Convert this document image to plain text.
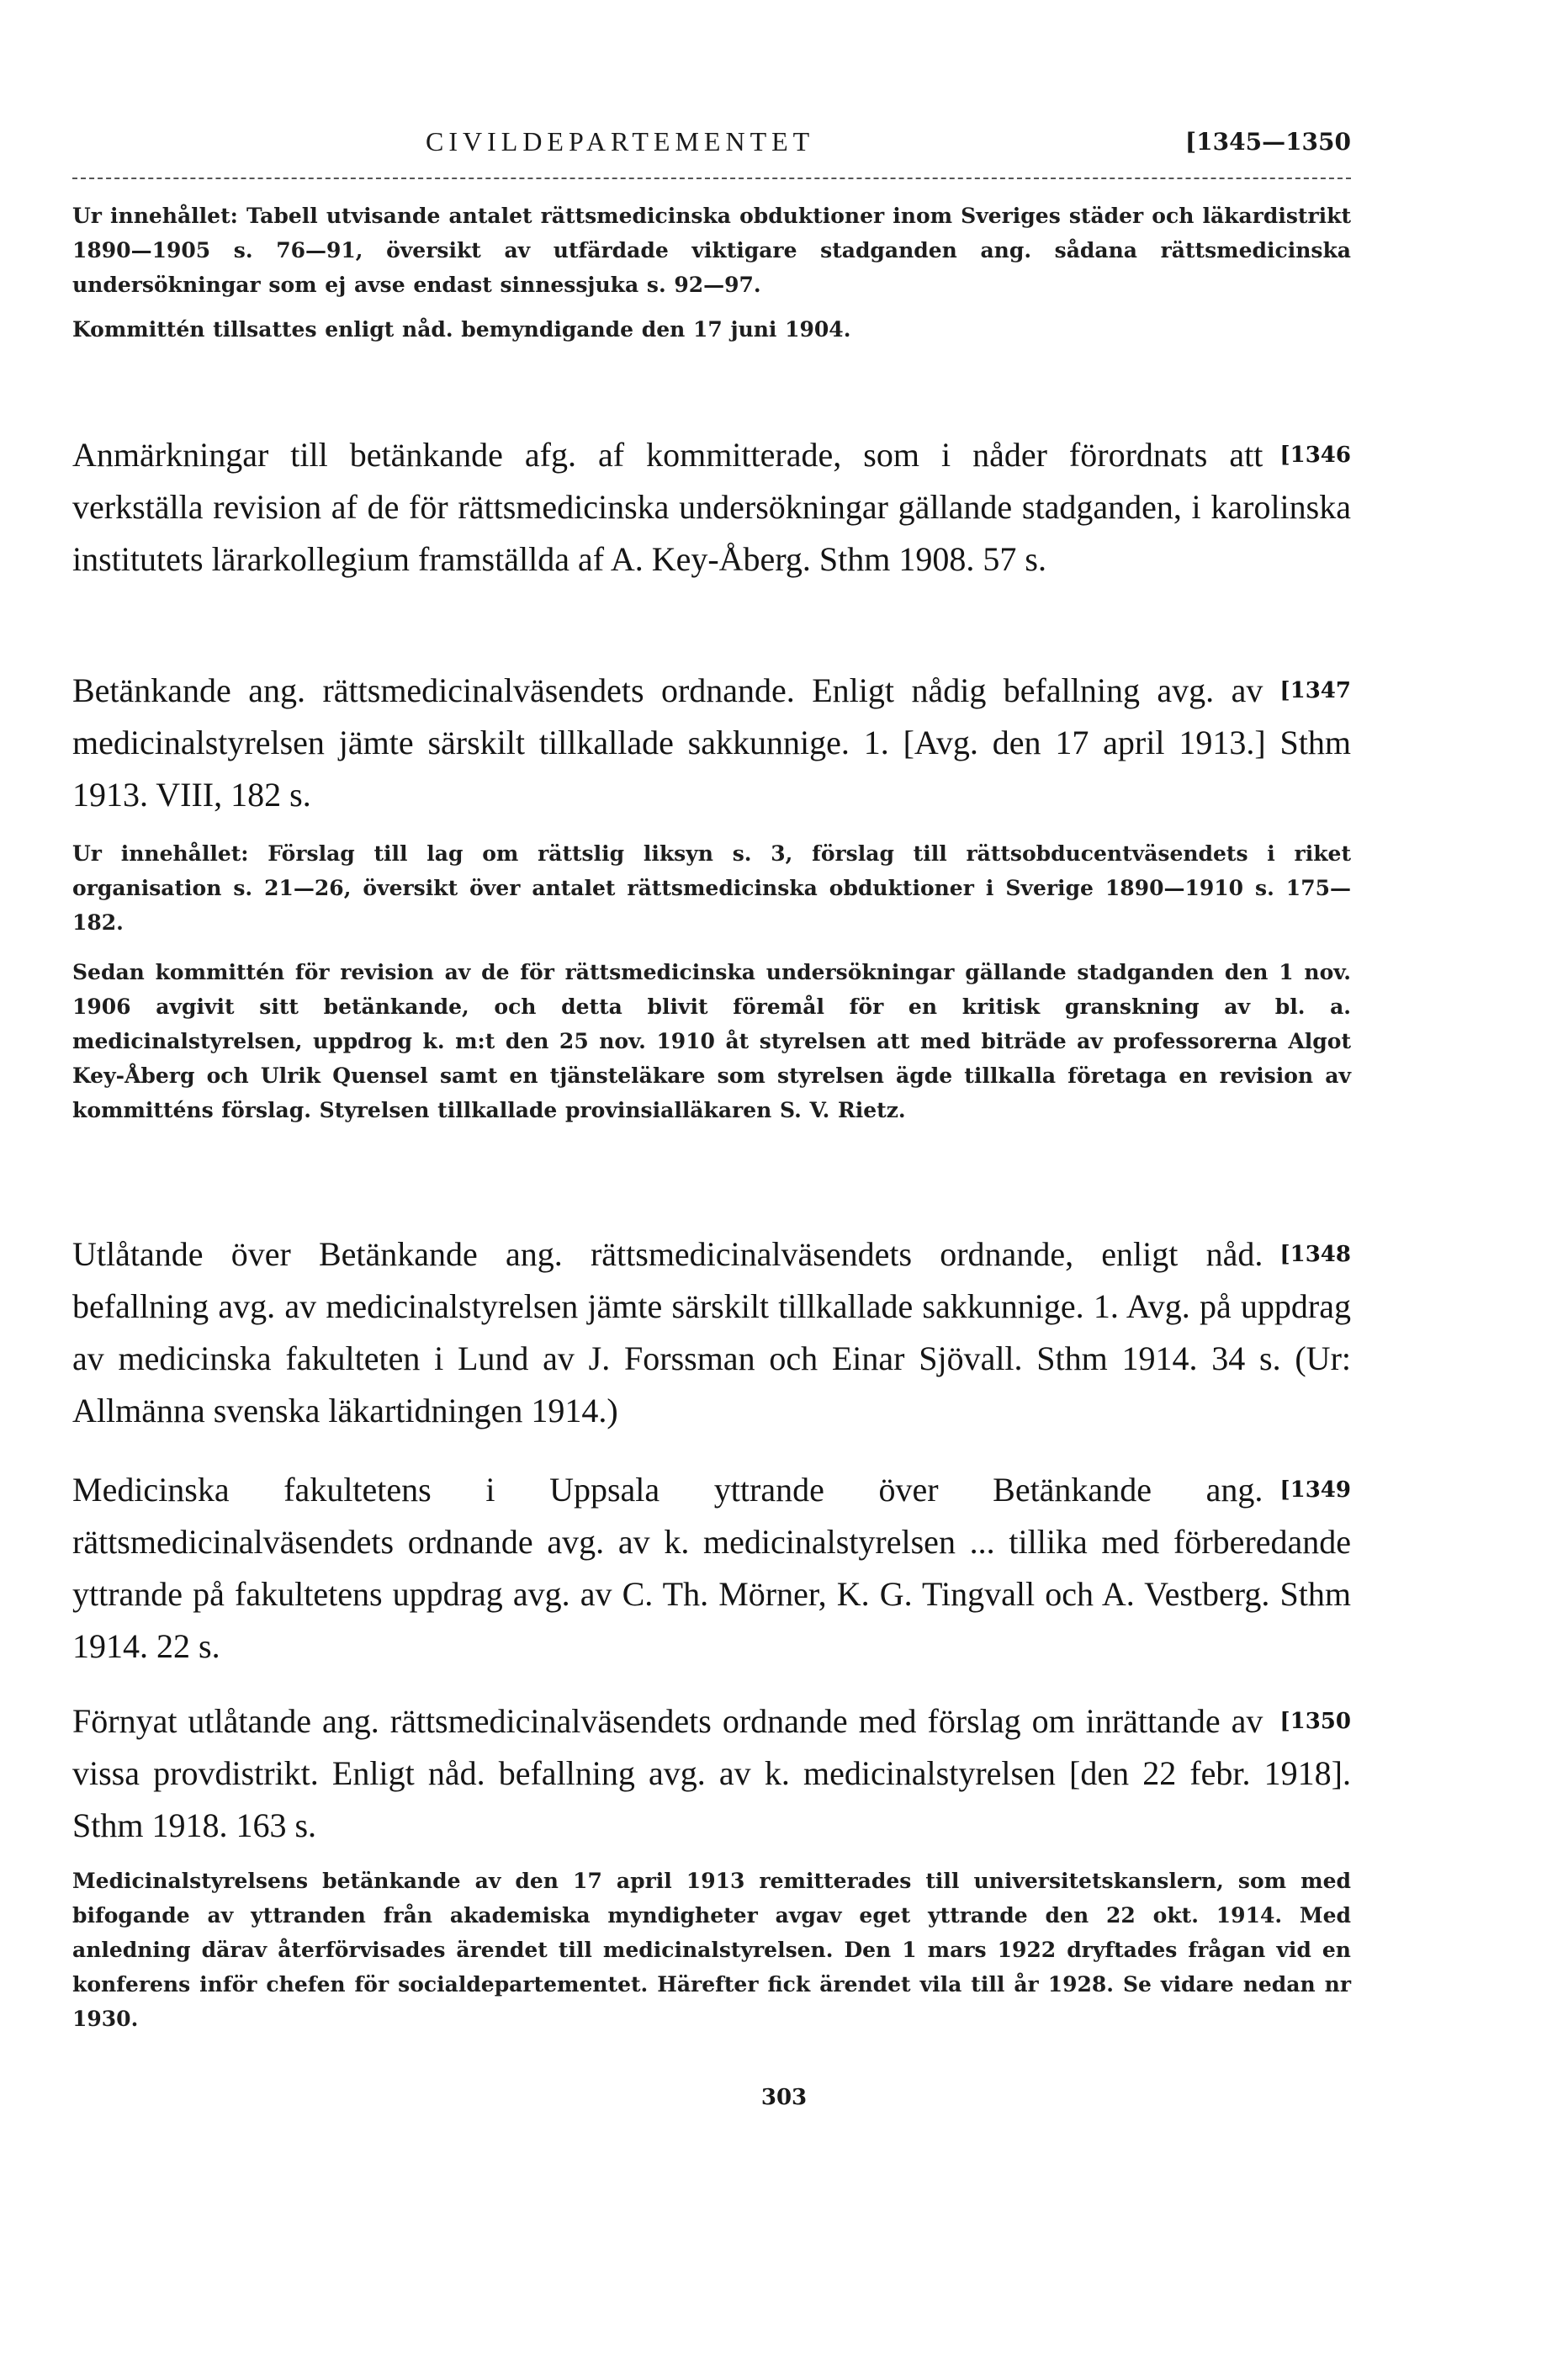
CIVILDEPARTEMENTET	[1345—1350

Ur innehållet: Tabell utvisande antalet rättsmedicinska obduktioner inom Sveriges städer och läkardistrikt 1890—1905 s. 76—91, översikt av utfärdade viktigare stadganden ang. sådana rättsmedicinska undersökningar som ej avse endast sinnessjuka s. 92—97.

Kommittén tillsattes enligt nåd. bemyndigande den 17 juni 1904.

[1346
Anmärkningar till betänkande afg. af kommitterade, som i nåder förordnats att verkställa revision af de för rättsmedicinska undersökningar gällande stadganden, i karolinska institutets lärarkollegium framställda af A. Key-Åberg. Sthm 1908. 57 s.

[1347
Betänkande ang. rättsmedicinalväsendets ordnande. Enligt nådig befallning avg. av medicinalstyrelsen jämte särskilt tillkallade sakkunnige. 1. [Avg. den 17 april 1913.] Sthm 1913. VIII, 182 s.

Ur innehållet: Förslag till lag om rättslig liksyn s. 3, förslag till rättsobducentväsendets i riket organisation s. 21—26, översikt över antalet rättsmedicinska obduktioner i Sverige 1890—1910 s. 175—182.

Sedan kommittén för revision av de för rättsmedicinska undersökningar gällande stadganden den 1 nov. 1906 avgivit sitt betänkande, och detta blivit föremål för en kritisk granskning av bl. a. medicinalstyrelsen, uppdrog k. m:t den 25 nov. 1910 åt styrelsen att med biträde av professorerna Algot Key-Åberg och Ulrik Quensel samt en tjänsteläkare som styrelsen ägde tillkalla företaga en revision av kommitténs förslag. Styrelsen tillkallade provinsialläkaren S. V. Rietz.

[1348
Utlåtande över Betänkande ang. rättsmedicinalväsendets ordnande, enligt nåd. befallning avg. av medicinalstyrelsen jämte särskilt tillkallade sakkunnige. 1. Avg. på uppdrag av medicinska fakulteten i Lund av J. Forssman och Einar Sjövall. Sthm 1914. 34 s. (Ur: Allmänna svenska läkartidningen 1914.)

[1349
Medicinska fakultetens i Uppsala yttrande över Betänkande ang. rättsmedicinalväsendets ordnande avg. av k. medicinalstyrelsen ... tillika med förberedande yttrande på fakultetens uppdrag avg. av C. Th. Mörner, K. G. Tingvall och A. Vestberg. Sthm 1914. 22 s.

[1350
Förnyat utlåtande ang. rättsmedicinalväsendets ordnande med förslag om inrättande av vissa provdistrikt. Enligt nåd. befallning avg. av k. medicinalstyrelsen [den 22 febr. 1918]. Sthm 1918. 163 s.

Medicinalstyrelsens betänkande av den 17 april 1913 remitterades till universitetskanslern, som med bifogande av yttranden från akademiska myndigheter avgav eget yttrande den 22 okt. 1914. Med anledning därav återförvisades ärendet till medicinalstyrelsen. Den 1 mars 1922 dryftades frågan vid en konferens inför chefen för socialdepartementet. Härefter fick ärendet vila till år 1928. Se vidare nedan nr 1930.

303
